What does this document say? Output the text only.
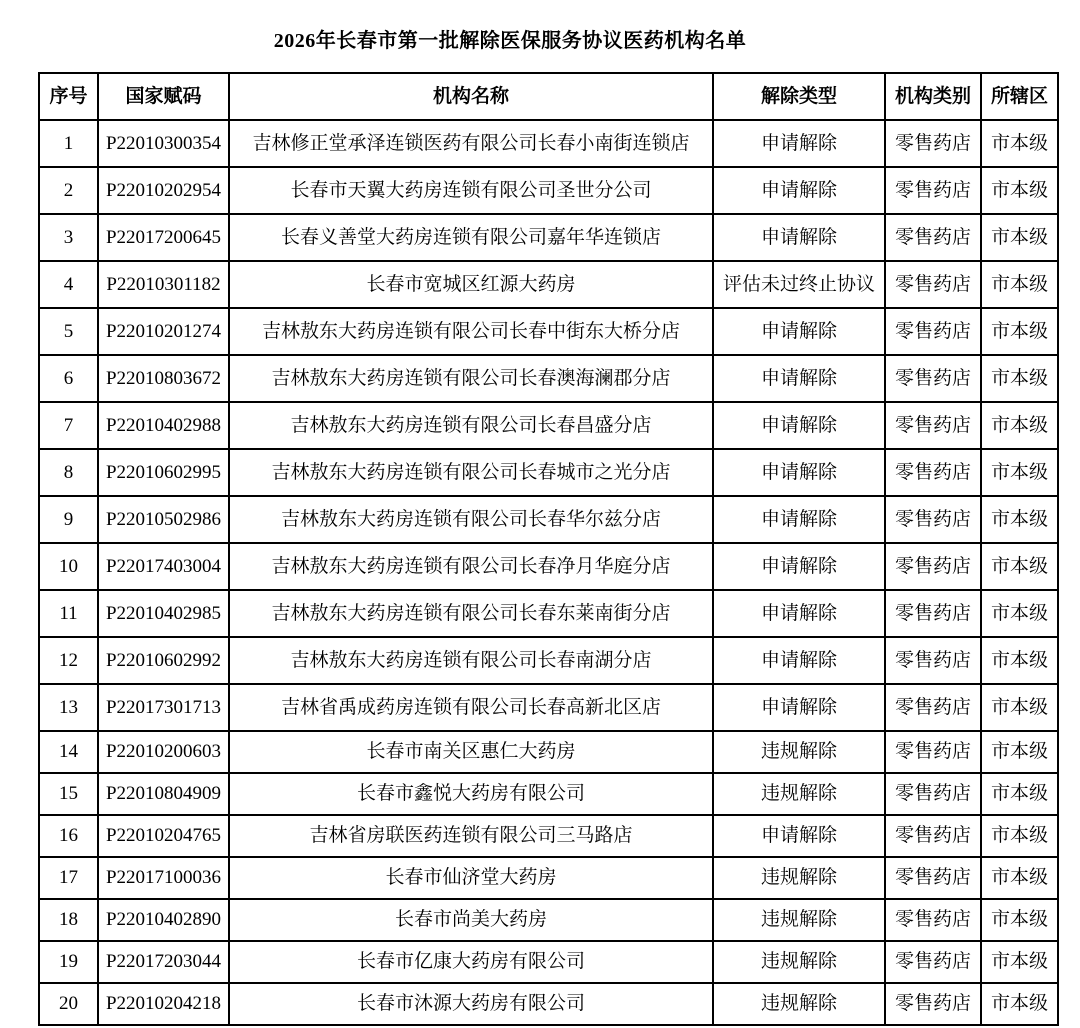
2026年长春市第一批解除医保服务协议医药机构名单
序号	国家赋码	机构名称	解除类型	机构类别	所辖区
1	P22010300354	吉林修正堂承泽连锁医药有限公司长春小南街连锁店	申请解除	零售药店	市本级
2	P22010202954	长春市天翼大药房连锁有限公司圣世分公司	申请解除	零售药店	市本级
3	P22017200645	长春义善堂大药房连锁有限公司嘉年华连锁店	申请解除	零售药店	市本级
4	P22010301182	长春市宽城区红源大药房	评估未过终止协议	零售药店	市本级
5	P22010201274	吉林敖东大药房连锁有限公司长春中街东大桥分店	申请解除	零售药店	市本级
6	P22010803672	吉林敖东大药房连锁有限公司长春澳海澜郡分店	申请解除	零售药店	市本级
7	P22010402988	吉林敖东大药房连锁有限公司长春昌盛分店	申请解除	零售药店	市本级
8	P22010602995	吉林敖东大药房连锁有限公司长春城市之光分店	申请解除	零售药店	市本级
9	P22010502986	吉林敖东大药房连锁有限公司长春华尔兹分店	申请解除	零售药店	市本级
10	P22017403004	吉林敖东大药房连锁有限公司长春净月华庭分店	申请解除	零售药店	市本级
11	P22010402985	吉林敖东大药房连锁有限公司长春东莱南街分店	申请解除	零售药店	市本级
12	P22010602992	吉林敖东大药房连锁有限公司长春南湖分店	申请解除	零售药店	市本级
13	P22017301713	吉林省禹成药房连锁有限公司长春高新北区店	申请解除	零售药店	市本级
14	P22010200603	长春市南关区惠仁大药房	违规解除	零售药店	市本级
15	P22010804909	长春市鑫悦大药房有限公司	违规解除	零售药店	市本级
16	P22010204765	吉林省房联医药连锁有限公司三马路店	申请解除	零售药店	市本级
17	P22017100036	长春市仙济堂大药房	违规解除	零售药店	市本级
18	P22010402890	长春市尚美大药房	违规解除	零售药店	市本级
19	P22017203044	长春市亿康大药房有限公司	违规解除	零售药店	市本级
20	P22010204218	长春市沐源大药房有限公司	违规解除	零售药店	市本级
